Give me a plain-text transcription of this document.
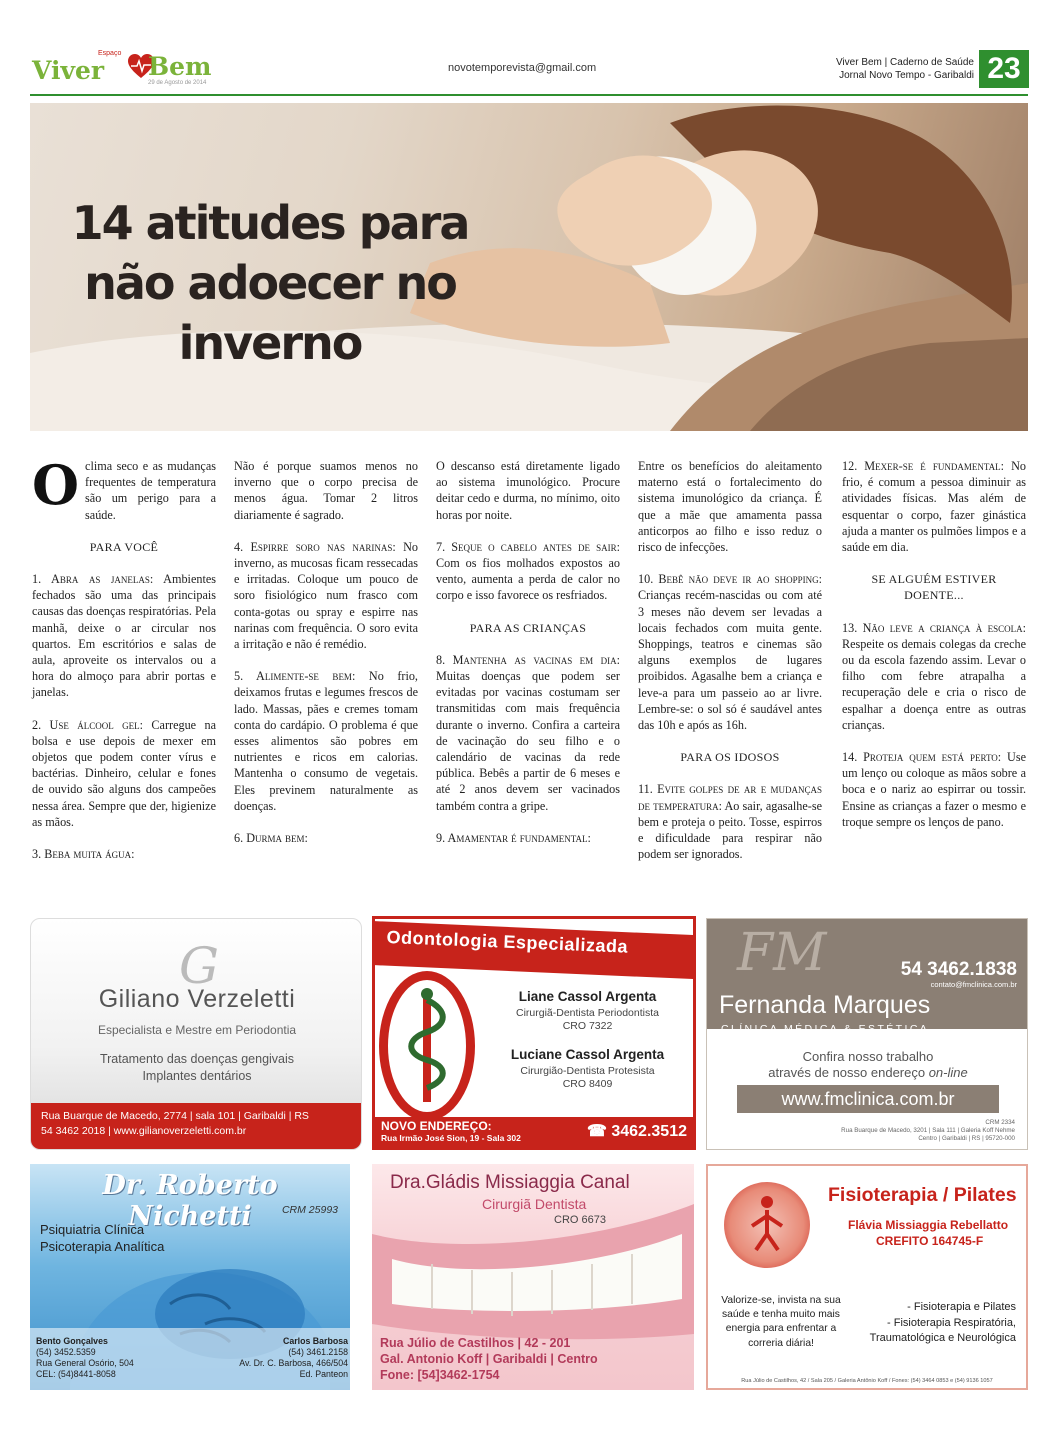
Viver
Espaço Bem
29 de Agosto de 2014
novotemporevista@gmail.com	Viver Bem | Caderno de Saúde
Jornal Novo Tempo - Garibaldi 23
14 atitudes para
não adoecer no
inverno

Oclima seco e as mudanças frequentes de temperatura são um perigo para a saúde.

PARA VOCÊ

1. Abra as janelas: Ambientes fechados são uma das principais causas das doenças respiratórias. Pela manhã, deixe o ar circular nos quartos. Em escritórios e salas de aula, aproveite os intervalos ou a hora do almoço para abrir portas e janelas.

2. Use álcool gel: Carregue na bolsa e use depois de mexer em objetos que podem conter vírus e bactérias. Dinheiro, celular e fones de ouvido são alguns dos campeões nessa área. Sempre que der, higienize as mãos.

3. Beba muita água:

Não é porque suamos menos no inverno que o corpo precisa de menos água. Tomar 2 litros diariamente é sagrado.

4. Espirre soro nas narinas: No inverno, as mucosas ficam ressecadas e irritadas. Coloque um pouco de soro fisiológico num frasco com conta-gotas ou spray e espirre nas narinas com frequência. O soro evita a irritação e não é remédio.

5. Alimente-se bem: No frio, deixamos frutas e legumes frescos de lado. Massas, pães e cremes tomam conta do cardápio. O problema é que esses alimentos são pobres em nutrientes e ricos em calorias. Mantenha o consumo de vegetais. Eles previnem naturalmente as doenças.

6. Durma bem:

O descanso está diretamente ligado ao sistema imunológico. Procure deitar cedo e durma, no mínimo, oito horas por noite.

7. Seque o cabelo antes de sair: Com os fios molhados expostos ao vento, aumenta a perda de calor no corpo e isso favorece os resfriados.

PARA AS CRIANÇAS

8. Mantenha as vacinas em dia: Muitas doenças que podem ser evitadas por vacinas costumam ser transmitidas com mais frequência durante o inverno. Confira a carteira de vacinação do seu filho e o calendário de vacinas da rede pública. Bebês a partir de 6 meses e até 2 anos devem ser vacinados também contra a gripe.

9. Amamentar é fundamental:

Entre os benefícios do aleitamento materno está o fortalecimento do sistema imunológico da criança. É que a mãe que amamenta passa anticorpos ao filho e isso reduz o risco de infecções.

10. Bebê não deve ir ao shopping: Crianças recém-nascidas ou com até 3 meses não devem ser levadas a locais fechados com muita gente. Shoppings, teatros e cinemas são alguns exemplos de lugares proibidos. Agasalhe bem a criança e leve-a para um passeio ao ar livre. Lembre-se: o sol só é saudável antes das 10h e após as 16h.

PARA OS IDOSOS

11. Evite golpes de ar e mudanças de temperatura: Ao sair, agasalhe-se bem e proteja o peito. Tosse, espirros e dificuldade para respirar não podem ser ignorados.

12. Mexer-se é fundamental: No frio, é comum a pessoa diminuir as atividades físicas. Mas além de esquentar o corpo, fazer ginástica ajuda a manter os pulmões limpos e a saúde em dia.

SE ALGUÉM ESTIVER DOENTE...

13. Não leve a criança à escola: Respeite os demais colegas da creche ou da escola fazendo assim. Levar o filho com febre atrapalha a recuperação dele e cria o risco de espalhar a doença entre as outras crianças.

14. Proteja quem está perto: Use um lenço ou coloque as mãos sobre a boca e o nariz ao espirrar ou tossir. Ensine as crianças a fazer o mesmo e troque sempre os lenços de pano.

G
Giliano Verzeletti
Especialista e Mestre em Periodontia
Tratamento das doenças gengivais
Implantes dentários
Rua Buarque de Macedo, 2774 | sala 101 | Garibaldi | RS
54 3462 2018 | www.gilianoverzeletti.com.br
Odontologia Especializada
Liane Cassol Argenta
Cirurgiã-Dentista Periodontista
CRO 7322
Luciane Cassol Argenta
Cirurgião-Dentista Protesista
CRO 8409
NOVO ENDEREÇO:
Rua Irmão José Sion, 19 - Sala 302	☎ 3462.3512
FM	54 3462.1838
contato@fmclinica.com.br
Fernanda Marques
CLÍNICA MÉDICA & ESTÉTICA
Confira nosso trabalho
através de nosso endereço on-line
www.fmclinica.com.br
CRM 2334
Rua Buarque de Macedo, 3201 | Sala 111 | Galeria Koff Nehme
Centro | Garibaldi | RS | 95720-000
Dr. Roberto Nichetti	CRM 25993
Psiquiatria Clínica
Psicoterapia Analítica
Bento Gonçalves
(54) 3452.5359
Rua General Osório, 504
CEL: (54)8441-8058
Carlos Barbosa
(54) 3461.2158
Av. Dr. C. Barbosa, 466/504
Ed. Panteon
Dra.Gládis Missiaggia Canal
Cirurgiã Dentista
CRO 6673
Rua Júlio de Castilhos | 42 - 201
Gal. Antonio Koff | Garibaldi | Centro
Fone: [54]3462-1754
Fisioterapia / Pilates
Flávia Missiaggia Rebellatto
CREFITO 164745-F
Valorize-se, invista na sua
saúde e tenha muito mais
energia para enfrentar a
correria diária!
- Fisioterapia e Pilates
- Fisioterapia Respiratória,
Traumatológica e Neurológica
Rua Júlio de Castilhos, 42 / Sala 205 / Galeria Antônio Koff / Fones: (54) 3464 0853 e (54) 9136 1057
